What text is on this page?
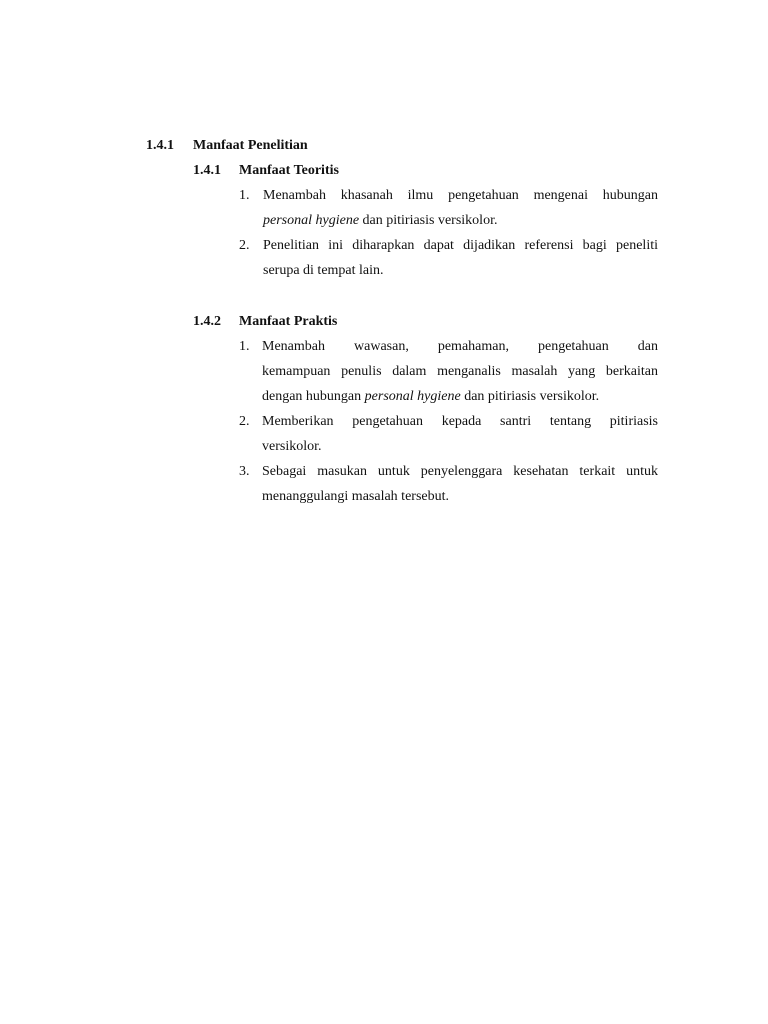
1.4.1 Manfaat Penelitian
1.4.1 Manfaat Teoritis
1. Menambah khasanah ilmu pengetahuan mengenai hubungan
personal hygiene dan pitiriasis versikolor.
2. Penelitian ini diharapkan dapat dijadikan referensi bagi peneliti
serupa di tempat lain.
1.4.2 Manfaat Praktis
1. Menambah wawasan, pemahaman, pengetahuan dan
kemampuan penulis dalam menganalis masalah yang berkaitan
dengan hubungan personal hygiene dan pitiriasis versikolor.
2. Memberikan pengetahuan kepada santri tentang pitiriasis
versikolor.
3. Sebagai masukan untuk penyelenggara kesehatan terkait untuk
menanggulangi masalah tersebut.
